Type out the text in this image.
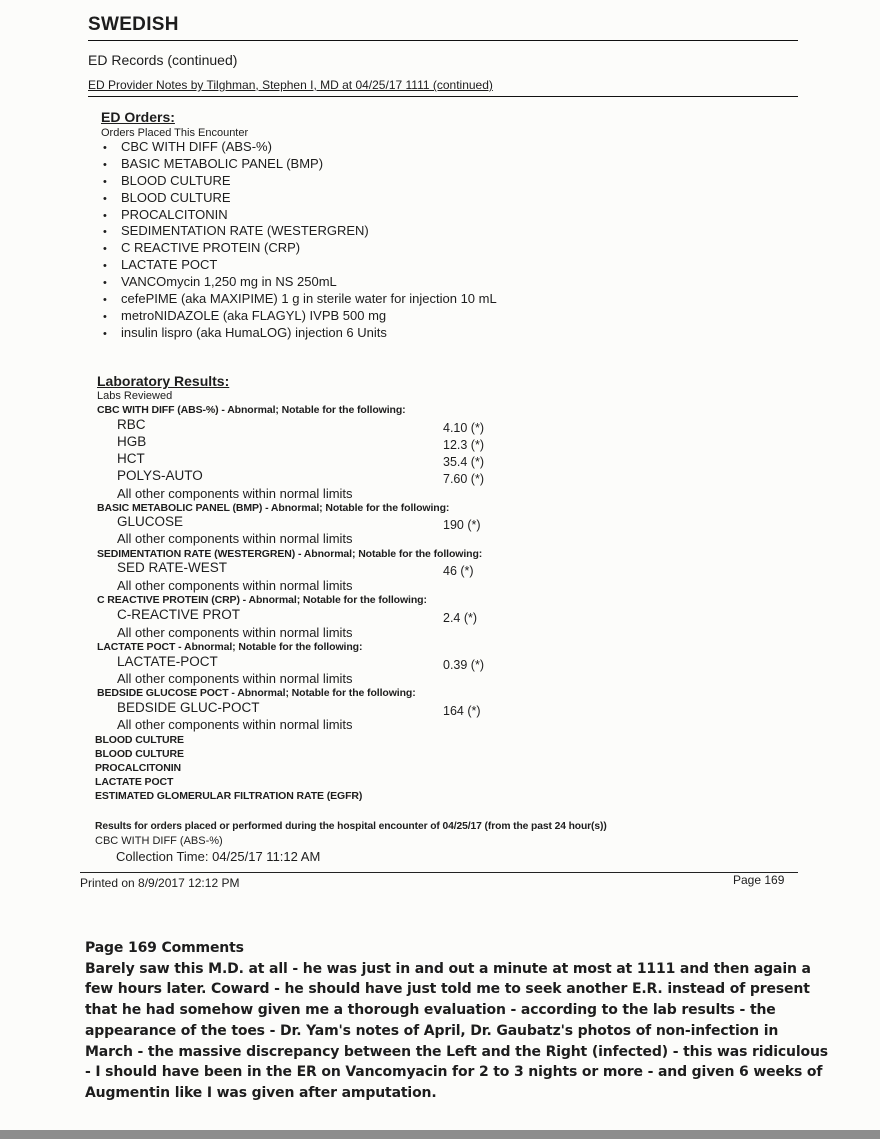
SWEDISH
ED Records (continued)
ED Provider Notes by Tilghman, Stephen I, MD at 04/25/17 1111 (continued)
ED Orders:
Orders Placed This Encounter
• CBC WITH DIFF (ABS-%)
• BASIC METABOLIC PANEL (BMP)
• BLOOD CULTURE
• BLOOD CULTURE
• PROCALCITONIN
• SEDIMENTATION RATE (WESTERGREN)
• C REACTIVE PROTEIN (CRP)
• LACTATE POCT
• VANCOmycin 1,250 mg in NS 250mL
• cefePIME (aka MAXIPIME) 1 g in sterile water for injection 10 mL
• metroNIDAZOLE (aka FLAGYL) IVPB 500 mg
• insulin lispro (aka HumaLOG) injection 6 Units
Laboratory Results:
Labs Reviewed
CBC WITH DIFF (ABS-%) - Abnormal; Notable for the following:
RBC	4.10 (*)
HGB	12.3 (*)
HCT	35.4 (*)
POLYS-AUTO	7.60 (*)
All other components within normal limits
BASIC METABOLIC PANEL (BMP) - Abnormal; Notable for the following:
GLUCOSE	190 (*)
All other components within normal limits
SEDIMENTATION RATE (WESTERGREN) - Abnormal; Notable for the following:
SED RATE-WEST	46 (*)
All other components within normal limits
C REACTIVE PROTEIN (CRP) - Abnormal; Notable for the following:
C-REACTIVE PROT	2.4 (*)
All other components within normal limits
LACTATE POCT - Abnormal; Notable for the following:
LACTATE-POCT	0.39 (*)
All other components within normal limits
BEDSIDE GLUCOSE POCT - Abnormal; Notable for the following:
BEDSIDE GLUC-POCT	164 (*)
All other components within normal limits
BLOOD CULTURE
BLOOD CULTURE
PROCALCITONIN
LACTATE POCT
ESTIMATED GLOMERULAR FILTRATION RATE (EGFR)
Results for orders placed or performed during the hospital encounter of 04/25/17 (from the past 24 hour(s))
CBC WITH DIFF (ABS-%)
Collection Time: 04/25/17 11:12 AM
Printed on 8/9/2017 12:12 PM	Page 169
Page 169 Comments
Barely saw this M.D. at all - he was just in and out a minute at most at 1111 and then again a few hours later. Coward - he should have just told me to seek another E.R. instead of present that he had somehow given me a thorough evaluation - according to the lab results - the appearance of the toes - Dr. Yam's notes of April, Dr. Gaubatz's photos of non-infection in March - the massive discrepancy between the Left and the Right (infected) - this was ridiculous - I should have been in the ER on Vancomyacin for 2 to 3 nights or more - and given 6 weeks of Augmentin like I was given after amputation.
